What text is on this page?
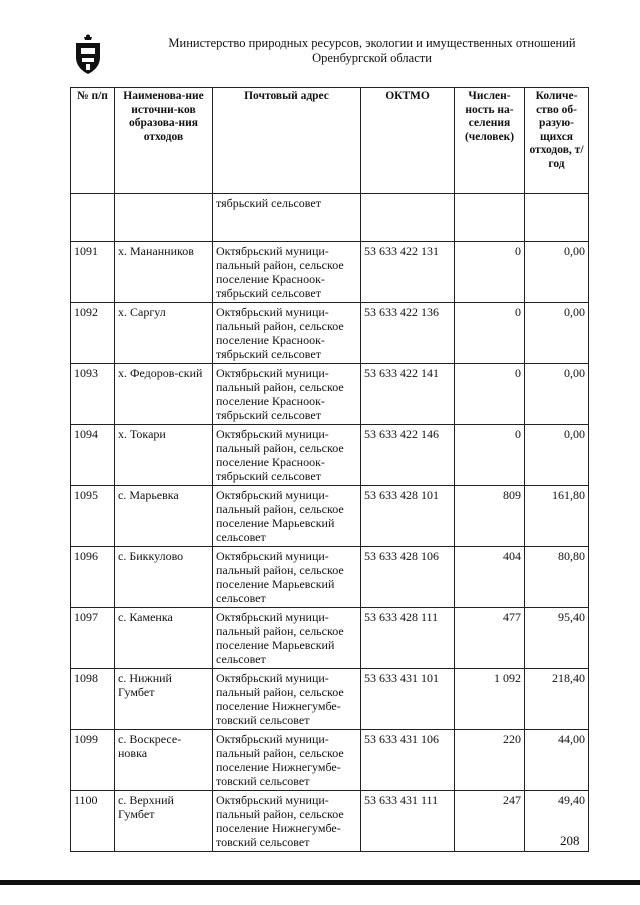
Министерство природных ресурсов, экологии и имущественных отношений
Оренбургской области
№ п/п	Наименова-ние источни-ков образова-ния отходов	Почтовый адрес	ОКТМО	Числен-ность на-селения (человек)	Количе-ство об-разую-щихся отходов, т/год
		тябрьский сельсовет			
1091	х. Мананников	Октябрьский муници-пальный район, сельское поселение Красноок-тябрьский сельсовет	53 633 422 131	0	0,00
1092	х. Саргул	Октябрьский муници-пальный район, сельское поселение Красноок-тябрьский сельсовет	53 633 422 136	0	0,00
1093	х. Федоров-ский	Октябрьский муници-пальный район, сельское поселение Красноок-тябрьский сельсовет	53 633 422 141	0	0,00
1094	х. Токари	Октябрьский муници-пальный район, сельское поселение Красноок-тябрьский сельсовет	53 633 422 146	0	0,00
1095	с. Марьевка	Октябрьский муници-пальный район, сельское поселение Марьевский сельсовет	53 633 428 101	809	161,80
1096	с. Биккулово	Октябрьский муници-пальный район, сельское поселение Марьевский сельсовет	53 633 428 106	404	80,80
1097	с. Каменка	Октябрьский муници-пальный район, сельское поселение Марьевский сельсовет	53 633 428 111	477	95,40
1098	с. Нижний Гумбет	Октябрьский муници-пальный район, сельское поселение Нижнегумбе-товский сельсовет	53 633 431 101	1 092	218,40
1099	с. Воскресе-новка	Октябрьский муници-пальный район, сельское поселение Нижнегумбе-товский сельсовет	53 633 431 106	220	44,00
1100	с. Верхний Гумбет	Октябрьский муници-пальный район, сельское поселение Нижнегумбе-товский сельсовет	53 633 431 111	247	49,40
208
